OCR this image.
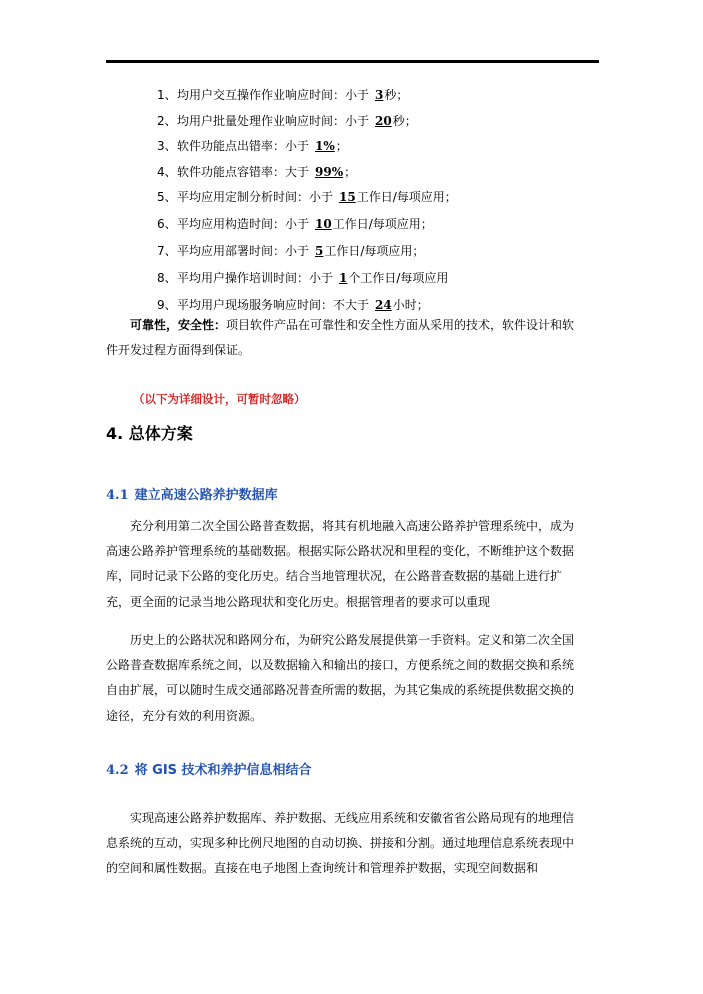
1、均用户交互操作作业响应时间：小于 3秒；
2、均用户批量处理作业响应时间：小于 20秒；
3、软件功能点出错率：小于 1%；
4、软件功能点容错率：大于 99%；
5、平均应用定制分析时间：小于 15工作日/每项应用；
6、平均应用构造时间：小于 10工作日/每项应用；
7、平均应用部署时间：小于 5工作日/每项应用；
8、平均用户操作培训时间：小于 1个工作日/每项应用
9、平均用户现场服务响应时间：不大于 24小时；

可靠性，安全性：项目软件产品在可靠性和安全性方面从采用的技术，软件设计和软件开发过程方面得到保证。

（以下为详细设计，可暂时忽略）
4. 总体方案
4.1 建立高速公路养护数据库

充分利用第二次全国公路普查数据，将其有机地融入高速公路养护管理系统中，成为高速公路养护管理系统的基础数据。根据实际公路状况和里程的变化，不断维护这个数据库，同时记录下公路的变化历史。结合当地管理状况，在公路普查数据的基础上进行扩充，更全面的记录当地公路现状和变化历史。根据管理者的要求可以重现

历史上的公路状况和路网分布，为研究公路发展提供第一手资料。定义和第二次全国公路普查数据库系统之间，以及数据输入和输出的接口，方便系统之间的数据交换和系统自由扩展，可以随时生成交通部路况普查所需的数据，为其它集成的系统提供数据交换的途径，充分有效的利用资源。

4.2 将 GIS 技术和养护信息相结合

实现高速公路养护数据库、养护数据、无线应用系统和安徽省省公路局现有的地理信息系统的互动，实现多种比例尺地图的自动切换、拼接和分割。通过地理信息系统表现中的空间和属性数据。直接在电子地图上查询统计和管理养护数据，实现空间数据和
